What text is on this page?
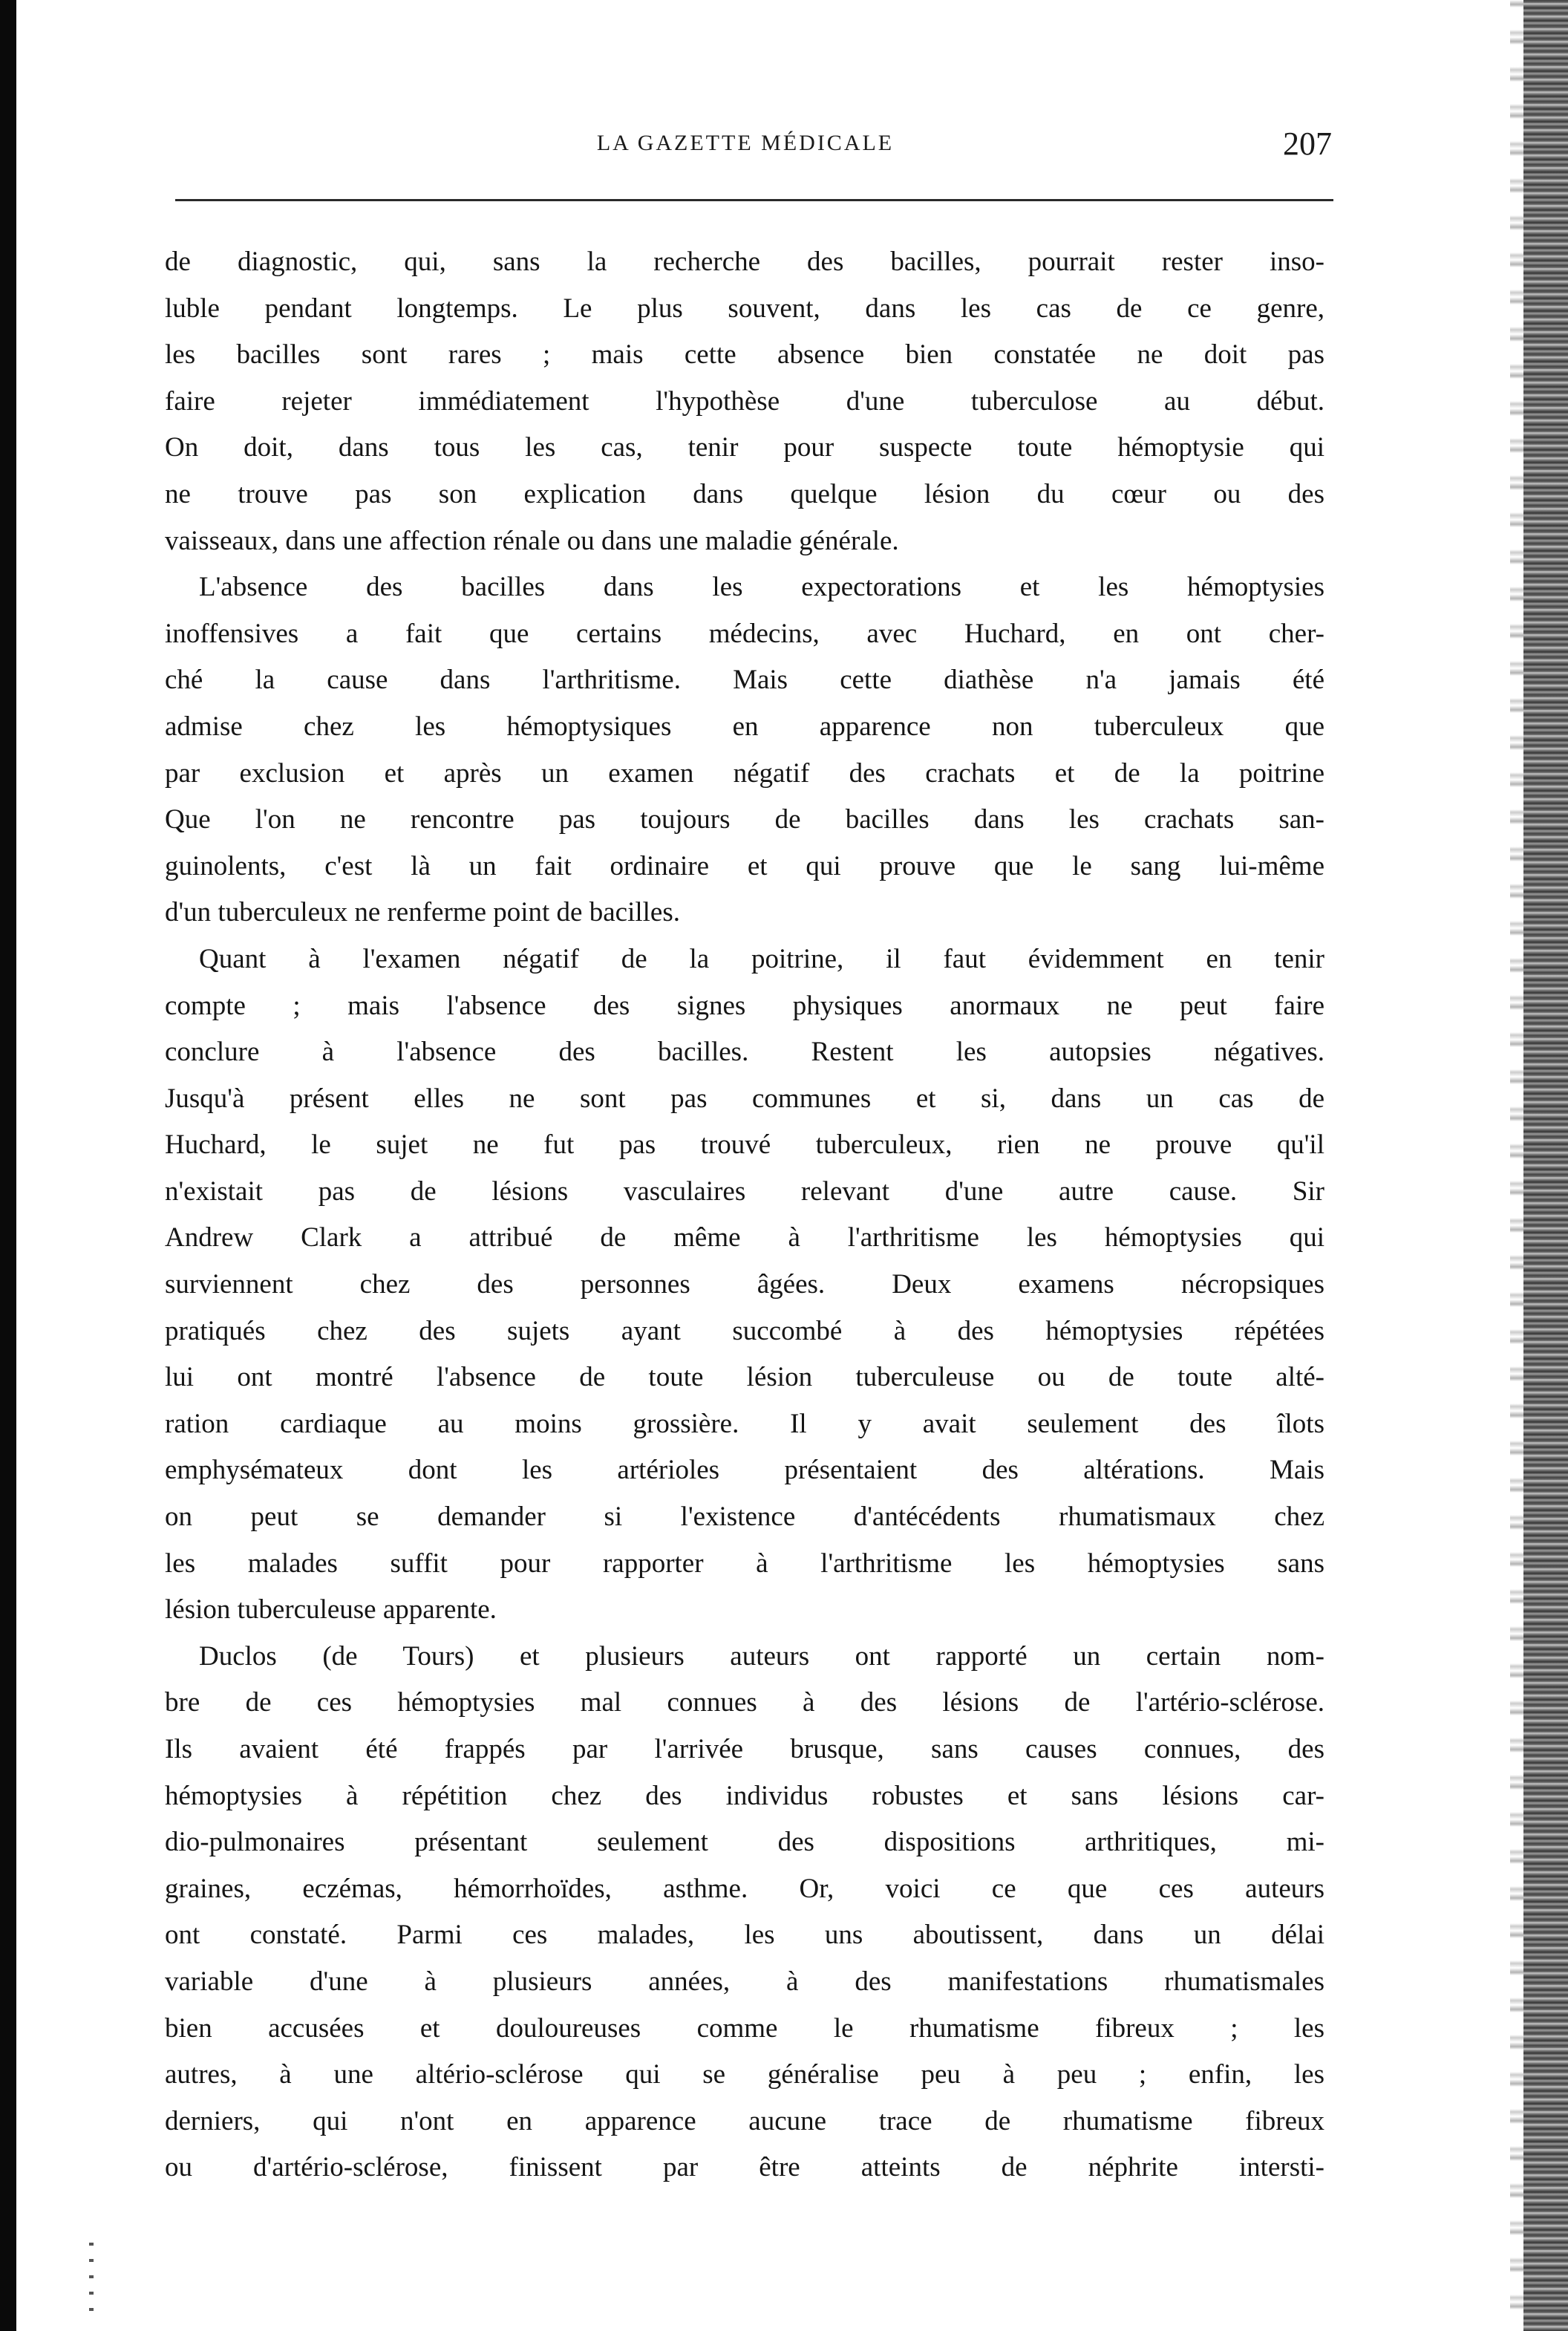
LA GAZETTE MÉDICALE	207
de diagnostic, qui, sans la recherche des bacilles, pourrait rester inso-
luble pendant longtemps. Le plus souvent, dans les cas de ce genre,
les bacilles sont rares ; mais cette absence bien constatée ne doit pas
faire rejeter immédiatement l'hypothèse d'une tuberculose au début.
On doit, dans tous les cas, tenir pour suspecte toute hémoptysie qui
ne trouve pas son explication dans quelque lésion du cœur ou des
vaisseaux, dans une affection rénale ou dans une maladie générale.
L'absence des bacilles dans les expectorations et les hémoptysies
inoffensives a fait que certains médecins, avec Huchard, en ont cher-
ché la cause dans l'arthritisme. Mais cette diathèse n'a jamais été
admise chez les hémoptysiques en apparence non tuberculeux que
par exclusion et après un examen négatif des crachats et de la poitrine
Que l'on ne rencontre pas toujours de bacilles dans les crachats san-
guinolents, c'est là un fait ordinaire et qui prouve que le sang lui-même
d'un tuberculeux ne renferme point de bacilles.
Quant à l'examen négatif de la poitrine, il faut évidemment en tenir
compte ; mais l'absence des signes physiques anormaux ne peut faire
conclure à l'absence des bacilles. Restent les autopsies négatives.
Jusqu'à présent elles ne sont pas communes et si, dans un cas de
Huchard, le sujet ne fut pas trouvé tuberculeux, rien ne prouve qu'il
n'existait pas de lésions vasculaires relevant d'une autre cause. Sir
Andrew Clark a attribué de même à l'arthritisme les hémoptysies qui
surviennent chez des personnes âgées. Deux examens nécropsiques
pratiqués chez des sujets ayant succombé à des hémoptysies répétées
lui ont montré l'absence de toute lésion tuberculeuse ou de toute alté-
ration cardiaque au moins grossière. Il y avait seulement des îlots
emphysémateux dont les artérioles présentaient des altérations. Mais
on peut se demander si l'existence d'antécédents rhumatismaux chez
les malades suffit pour rapporter à l'arthritisme les hémoptysies sans
lésion tuberculeuse apparente.
Duclos (de Tours) et plusieurs auteurs ont rapporté un certain nom-
bre de ces hémoptysies mal connues à des lésions de l'artério-sclérose.
Ils avaient été frappés par l'arrivée brusque, sans causes connues, des
hémoptysies à répétition chez des individus robustes et sans lésions car-
dio-pulmonaires présentant seulement des dispositions arthritiques, mi-
graines, eczémas, hémorrhoïdes, asthme. Or, voici ce que ces auteurs
ont constaté. Parmi ces malades, les uns aboutissent, dans un délai
variable d'une à plusieurs années, à des manifestations rhumatismales
bien accusées et douloureuses comme le rhumatisme fibreux ; les
autres, à une altério-sclérose qui se généralise peu à peu ; enfin, les
derniers, qui n'ont en apparence aucune trace de rhumatisme fibreux
ou d'artério-sclérose, finissent par être atteints de néphrite intersti-
